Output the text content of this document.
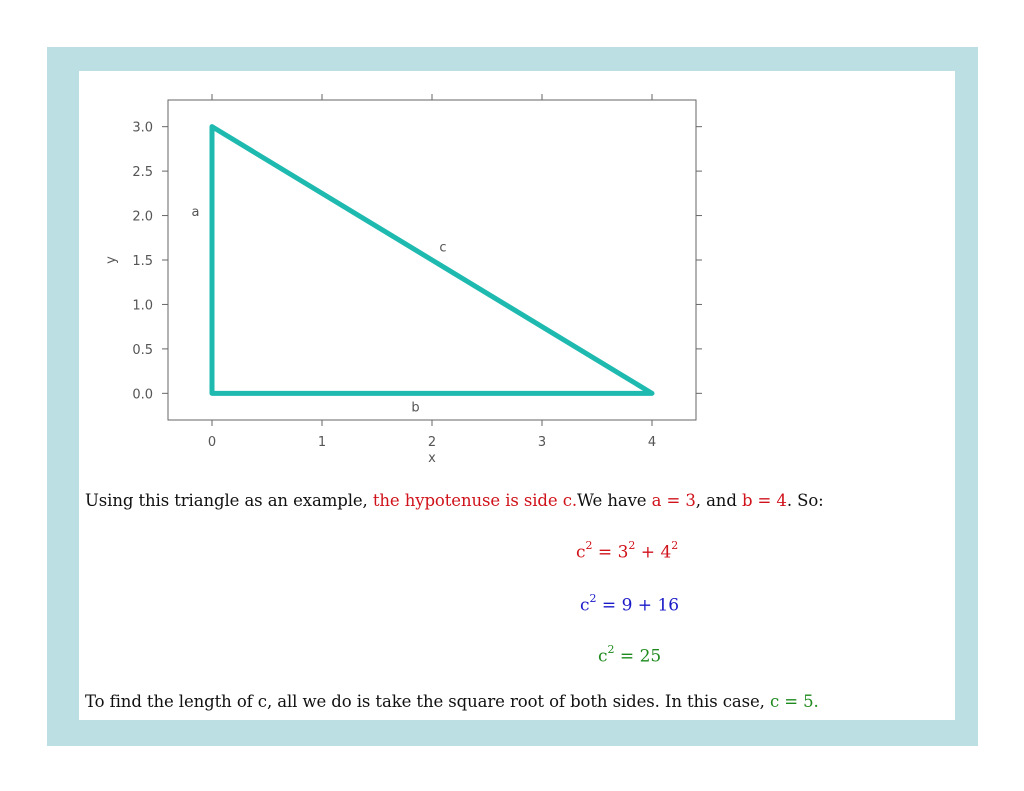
0	1	2	3	4
3.0
2.5
2.0
1.5
1.0
0.5
0.0
x
y
a
b
c
Using this triangle as an example, the hypotenuse is side c.We have a = 3, and b = 4. So:
$c^2 = 3^2 + 4^2$
$c^2 = 9 + 16$
$c^2 = 25$
To find the length of c, all we do is take the square root of both sides. In this case, c = 5.
